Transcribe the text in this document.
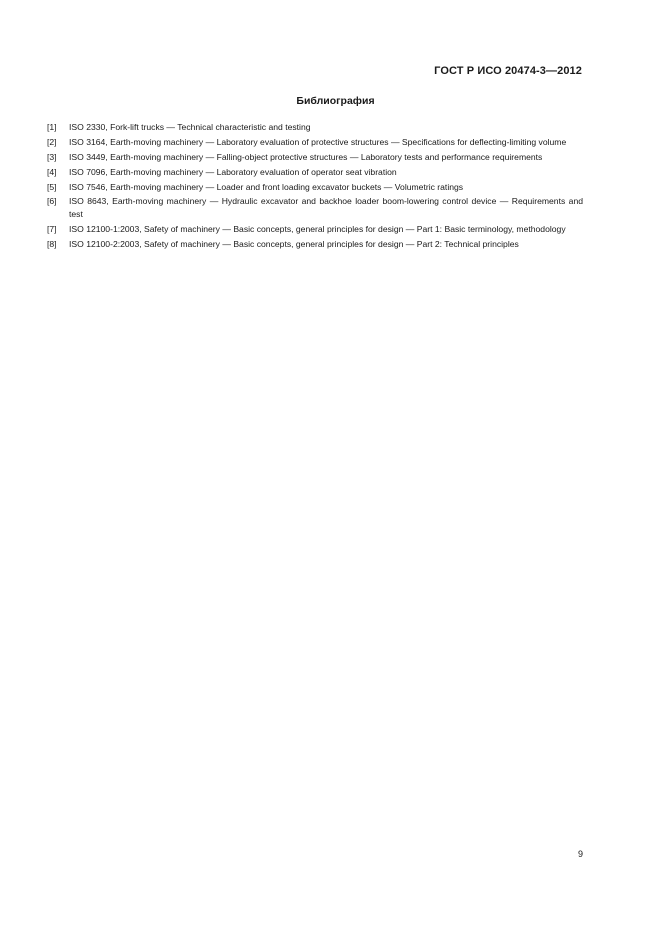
ГОСТ Р ИСО 20474-3—2012
Библиография
[1]	ISO 2330, Fork-lift trucks — Technical characteristic and testing
[2]	ISO 3164, Earth-moving machinery — Laboratory evaluation of protective structures — Specifications for deflecting-limiting volume
[3]	ISO 3449, Earth-moving machinery — Falling-object protective structures — Laboratory tests and performance requirements
[4]	ISO 7096, Earth-moving machinery — Laboratory evaluation of operator seat vibration
[5]	ISO 7546, Earth-moving machinery — Loader and front loading excavator buckets — Volumetric ratings
[6]	ISO 8643, Earth-moving machinery — Hydraulic excavator and backhoe loader boom-lowering control device — Requirements and test
[7]	ISO 12100-1:2003, Safety of machinery — Basic concepts, general principles for design — Part 1: Basic terminology, methodology
[8]	ISO 12100-2:2003, Safety of machinery — Basic concepts, general principles for design — Part 2: Technical principles
9
